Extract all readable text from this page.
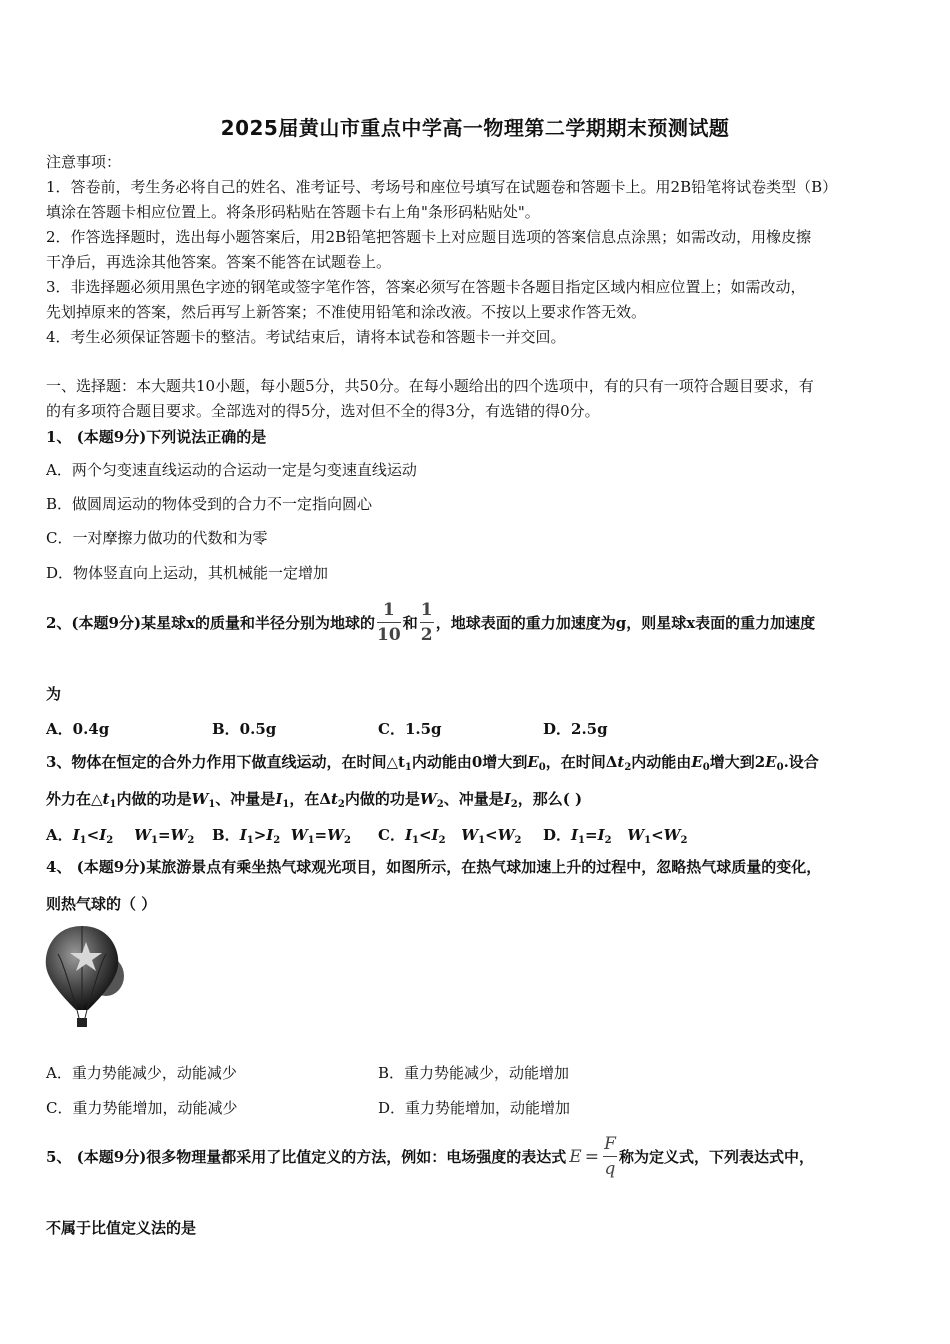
2025届黄山市重点中学高一物理第二学期期末预测试题
注意事项：
1．答卷前，考生务必将自己的姓名、准考证号、考场号和座位号填写在试题卷和答题卡上。用2B铅笔将试卷类型（B）
填涂在答题卡相应位置上。将条形码粘贴在答题卡右上角"条形码粘贴处"。
2．作答选择题时，选出每小题答案后，用2B铅笔把答题卡上对应题目选项的答案信息点涂黑；如需改动，用橡皮擦
干净后，再选涂其他答案。答案不能答在试题卷上。
3．非选择题必须用黑色字迹的钢笔或签字笔作答，答案必须写在答题卡各题目指定区域内相应位置上；如需改动，
先划掉原来的答案，然后再写上新答案；不准使用铅笔和涂改液。不按以上要求作答无效。
4．考生必须保证答题卡的整洁。考试结束后，请将本试卷和答题卡一并交回。
一、选择题：本大题共10小题，每小题5分，共50分。在每小题给出的四个选项中，有的只有一项符合题目要求，有
的有多项符合题目要求。全部选对的得5分，选对但不全的得3分，有选错的得0分。
1、 (本题9分)下列说法正确的是
A．两个匀变速直线运动的合运动一定是匀变速直线运动
B．做圆周运动的物体受到的合力不一定指向圆心
C．一对摩擦力做功的代数和为零
D．物体竖直向上运动，其机械能一定增加
2、(本题9分)某星球x的质量和半径分别为地球的 $\frac{1}{10}$ 和 $\frac{1}{2}$ ，地球表面的重力加速度为g，则星球x表面的重力加速度
为
A．0.4g	B．0.5g	C．1.5g	D．2.5g
3、物体在恒定的合外力作用下做直线运动，在时间$\triangle t_1$内动能由0增大到$E_0$，在时间$\Delta t_2$内动能由$E_0$增大到$2E_0$.设合
外力在$\triangle t_1$内做的功是$W_1$、冲量是$I_1$，在$\Delta t_2$内做的功是$W_2$、冲量是$I_2$，那么( )
A．$I_1<I_2$ $W_1=W_2$ B．$I_1>I_2$ $W_1=W_2$ C．$I_1<I_2$ $W_1<W_2$ D．$I_1=I_2$ $W_1<W_2$
4、 (本题9分)某旅游景点有乘坐热气球观光项目，如图所示，在热气球加速上升的过程中，忽略热气球质量的变化，
则热气球的（ ）
A．重力势能减少，动能减少	B．重力势能减少，动能增加
C．重力势能增加，动能减少	D．重力势能增加，动能增加
5、 (本题9分)很多物理量都采用了比值定义的方法，例如：电场强度的表达式 $E = \frac{F}{q}$ 称为定义式，下列表达式中，
不属于比值定义法的是
